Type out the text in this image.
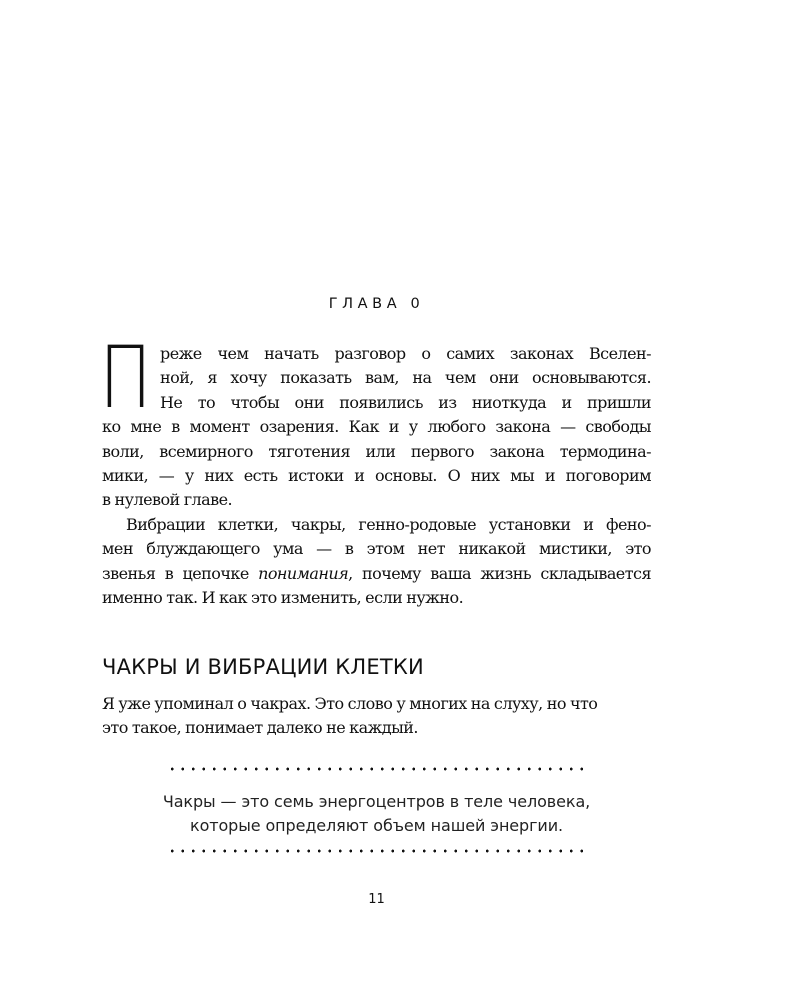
ГЛАВА 0
П реже чем начать разговор о самих законах Вселен-
ной, я хочу показать вам, на чем они основываются.
Не то чтобы они появились из ниоткуда и пришли
ко мне в момент озарения. Как и у любого закона — свободы
воли, всемирного тяготения или первого закона термодина-
мики, — у них есть истоки и основы. О них мы и поговорим
в нулевой главе.
Вибрации клетки, чакры, генно-родовые установки и фено-
мен блуждающего ума — в этом нет никакой мистики, это
звенья в цепочке понимания, почему ваша жизнь складывается
именно так. И как это изменить, если нужно.
ЧАКРЫ И ВИБРАЦИИ КЛЕТКИ
Я уже упоминал о чакрах. Это слово у многих на слуху, но что
это такое, понимает далеко не каждый.
Чакры — это семь энергоцентров в теле человека,
которые определяют объем нашей энергии.
11
